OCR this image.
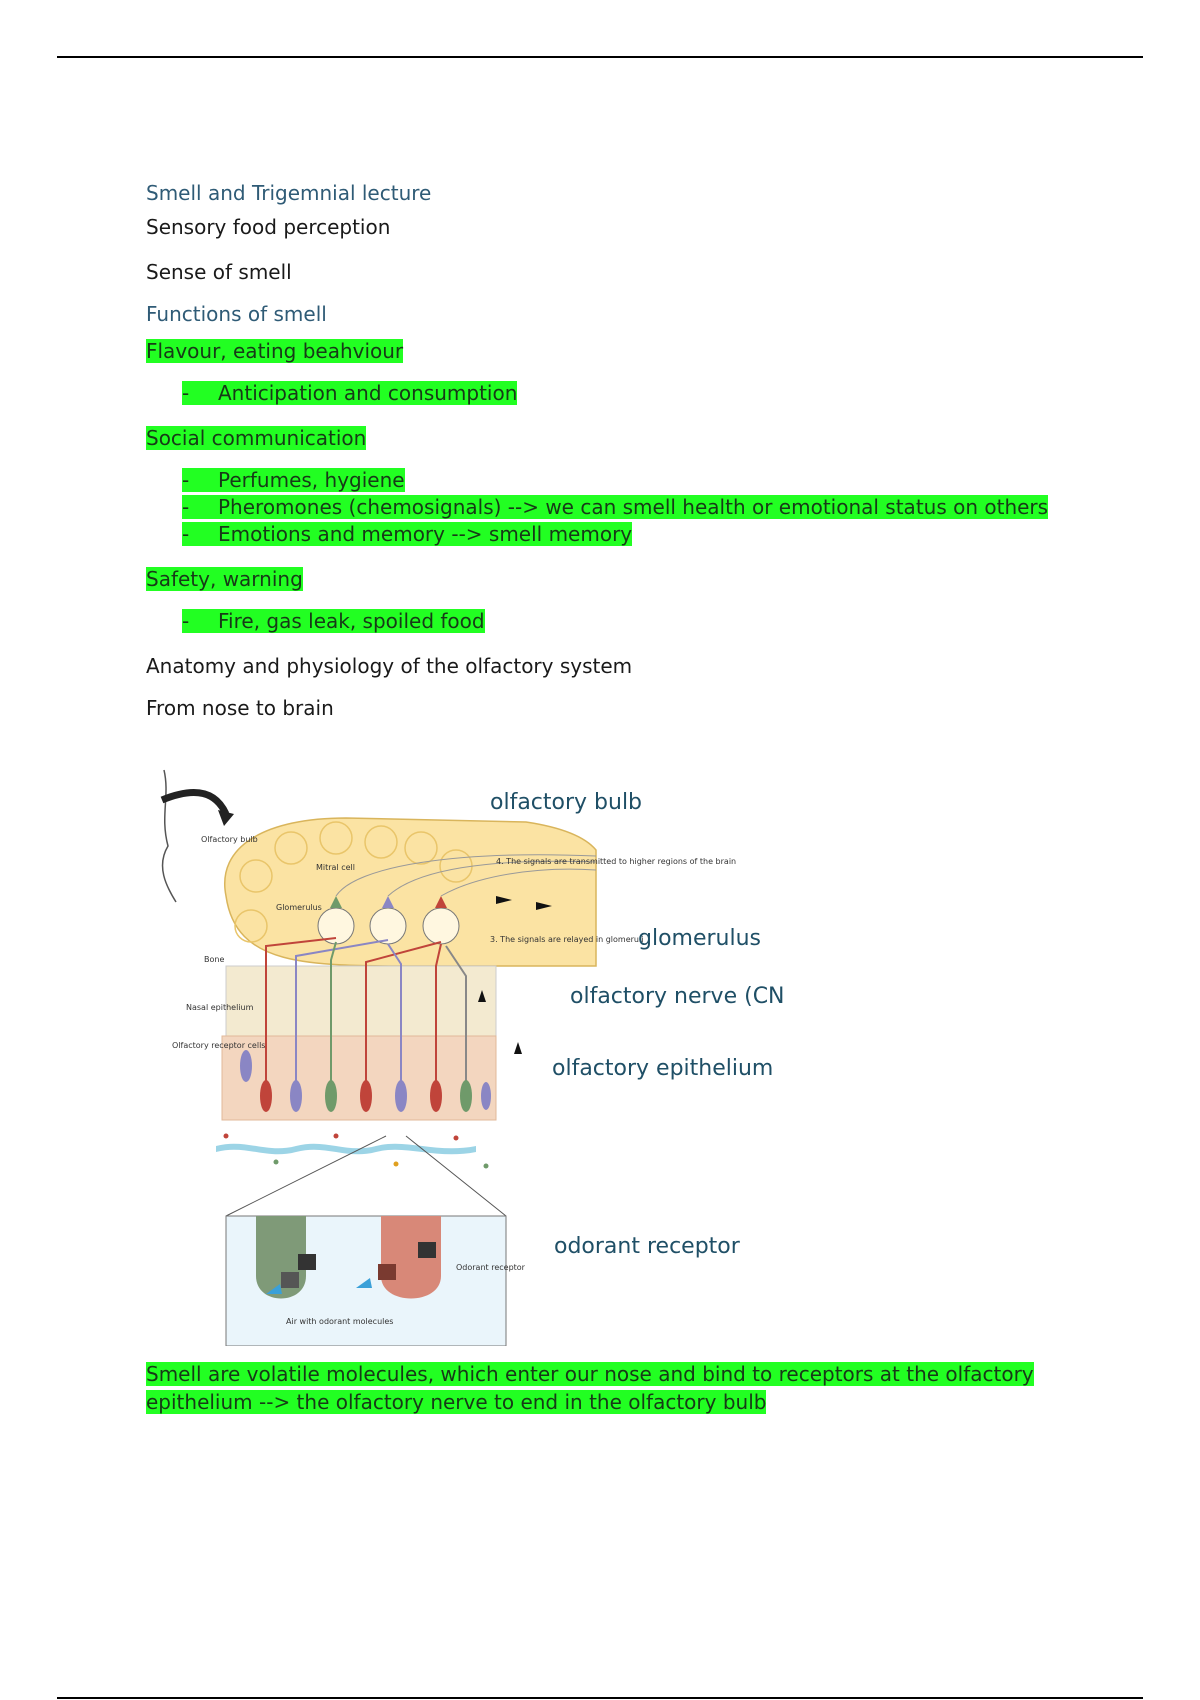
Smell and Trigemnial lecture
Sensory food perception
Sense of smell
Functions of smell
Flavour, eating beahviour
- Anticipation and consumption
Social communication
- Perfumes, hygiene
- Pheromones (chemosignals) --> we can smell health or emotional status on others
- Emotions and memory --> smell memory
Safety, warning
- Fire, gas leak, spoiled food
Anatomy and physiology of the olfactory system
From nose to brain
Olfactory bulb
Mitral cell
Glomerulus
Bone
Nasal epithelium
Olfactory receptor cells
4. The signals are transmitted to higher regions of the brain
3. The signals are relayed in glomeruli
Odorant receptor
Air with odorant molecules
olfactory bulb
glomerulus
olfactory nerve (CN
olfactory epithelium
odorant receptor
Smell are volatile molecules, which enter our nose and bind to receptors at the olfactory epithelium --> the olfactory nerve to end in the olfactory bulb
